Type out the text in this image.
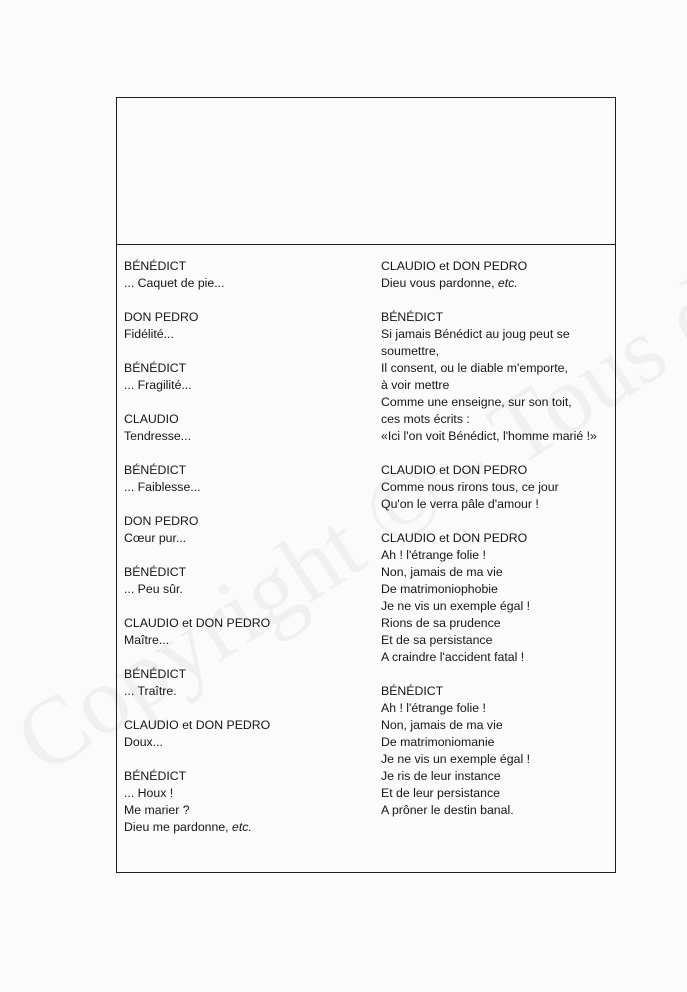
BÉNÉDICT
... Caquet de pie...
DON PEDRO
Fidélité...
BÉNÉDICT
... Fragilité...
CLAUDIO
Tendresse...
BÉNÉDICT
... Faiblesse...
DON PEDRO
Cœur pur...
BÉNÉDICT
... Peu sûr.
CLAUDIO et DON PEDRO
Maître...
BÉNÉDICT
... Traître.
CLAUDIO et DON PEDRO
Doux...
BÉNÉDICT
... Houx !
Me marier ?
Dieu me pardonne, etc.
CLAUDIO et DON PEDRO
Dieu vous pardonne, etc.
BÉNÉDICT
Si jamais Bénédict au joug peut se
soumettre,
Il consent, ou le diable m'emporte,
à voir mettre
Comme une enseigne, sur son toit,
ces mots écrits :
«Ici l'on voit Bénédict, l'homme marié !»
CLAUDIO et DON PEDRO
Comme nous rirons tous, ce jour
Qu'on le verra pâle d'amour !
CLAUDIO et DON PEDRO
Ah ! l'étrange folie !
Non, jamais de ma vie
De matrimoniophobie
Je ne vis un exemple égal !
Rions de sa prudence
Et de sa persistance
A craindre l'accident fatal !
BÉNÉDICT
Ah ! l'étrange folie !
Non, jamais de ma vie
De matrimoniomanie
Je ne vis un exemple égal !
Je ris de leur instance
Et de leur persistance
A prôner le destin banal.
